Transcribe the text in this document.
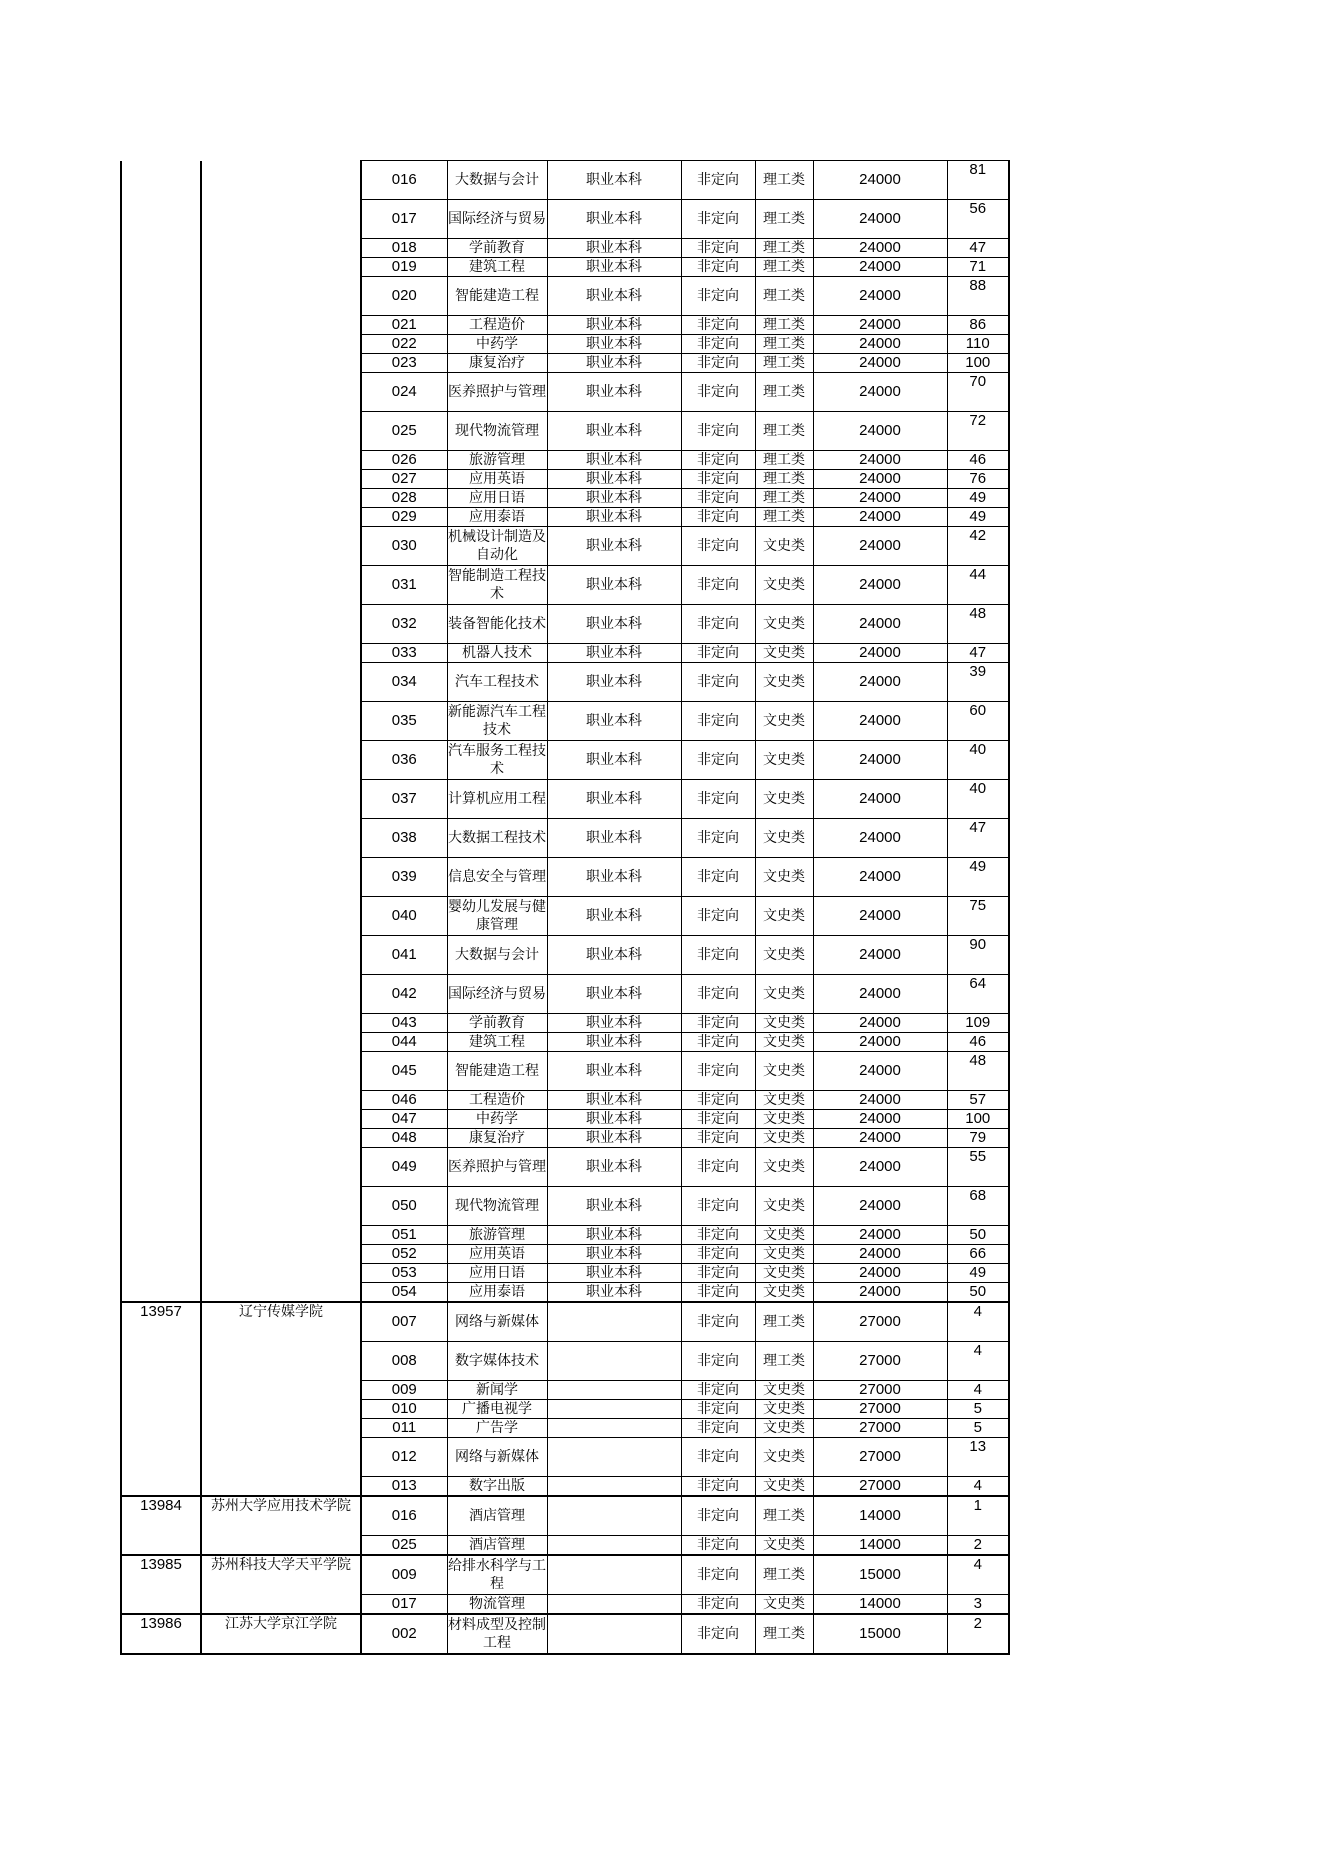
		016	大数据与会计	职业本科	非定向	理工类	24000	81
		017	国际经济与贸易	职业本科	非定向	理工类	24000	56
		018	学前教育	职业本科	非定向	理工类	24000	47
		019	建筑工程	职业本科	非定向	理工类	24000	71
		020	智能建造工程	职业本科	非定向	理工类	24000	88
		021	工程造价	职业本科	非定向	理工类	24000	86
		022	中药学	职业本科	非定向	理工类	24000	110
		023	康复治疗	职业本科	非定向	理工类	24000	100
		024	医养照护与管理	职业本科	非定向	理工类	24000	70
		025	现代物流管理	职业本科	非定向	理工类	24000	72
		026	旅游管理	职业本科	非定向	理工类	24000	46
		027	应用英语	职业本科	非定向	理工类	24000	76
		028	应用日语	职业本科	非定向	理工类	24000	49
		029	应用泰语	职业本科	非定向	理工类	24000	49
		030	机械设计制造及自动化	职业本科	非定向	文史类	24000	42
		031	智能制造工程技术	职业本科	非定向	文史类	24000	44
		032	装备智能化技术	职业本科	非定向	文史类	24000	48
		033	机器人技术	职业本科	非定向	文史类	24000	47
		034	汽车工程技术	职业本科	非定向	文史类	24000	39
		035	新能源汽车工程技术	职业本科	非定向	文史类	24000	60
		036	汽车服务工程技术	职业本科	非定向	文史类	24000	40
		037	计算机应用工程	职业本科	非定向	文史类	24000	40
		038	大数据工程技术	职业本科	非定向	文史类	24000	47
		039	信息安全与管理	职业本科	非定向	文史类	24000	49
		040	婴幼儿发展与健康管理	职业本科	非定向	文史类	24000	75
		041	大数据与会计	职业本科	非定向	文史类	24000	90
		042	国际经济与贸易	职业本科	非定向	文史类	24000	64
		043	学前教育	职业本科	非定向	文史类	24000	109
		044	建筑工程	职业本科	非定向	文史类	24000	46
		045	智能建造工程	职业本科	非定向	文史类	24000	48
		046	工程造价	职业本科	非定向	文史类	24000	57
		047	中药学	职业本科	非定向	文史类	24000	100
		048	康复治疗	职业本科	非定向	文史类	24000	79
		049	医养照护与管理	职业本科	非定向	文史类	24000	55
		050	现代物流管理	职业本科	非定向	文史类	24000	68
		051	旅游管理	职业本科	非定向	文史类	24000	50
		052	应用英语	职业本科	非定向	文史类	24000	66
		053	应用日语	职业本科	非定向	文史类	24000	49
		054	应用泰语	职业本科	非定向	文史类	24000	50
13957	辽宁传媒学院	007	网络与新媒体		非定向	理工类	27000	4
		008	数字媒体技术		非定向	理工类	27000	4
		009	新闻学		非定向	文史类	27000	4
		010	广播电视学		非定向	文史类	27000	5
		011	广告学		非定向	文史类	27000	5
		012	网络与新媒体		非定向	文史类	27000	13
		013	数字出版		非定向	文史类	27000	4
13984	苏州大学应用技术学院	016	酒店管理		非定向	理工类	14000	1
		025	酒店管理		非定向	文史类	14000	2
13985	苏州科技大学天平学院	009	给排水科学与工程		非定向	理工类	15000	4
		017	物流管理		非定向	文史类	14000	3
13986	江苏大学京江学院	002	材料成型及控制工程		非定向	理工类	15000	2
